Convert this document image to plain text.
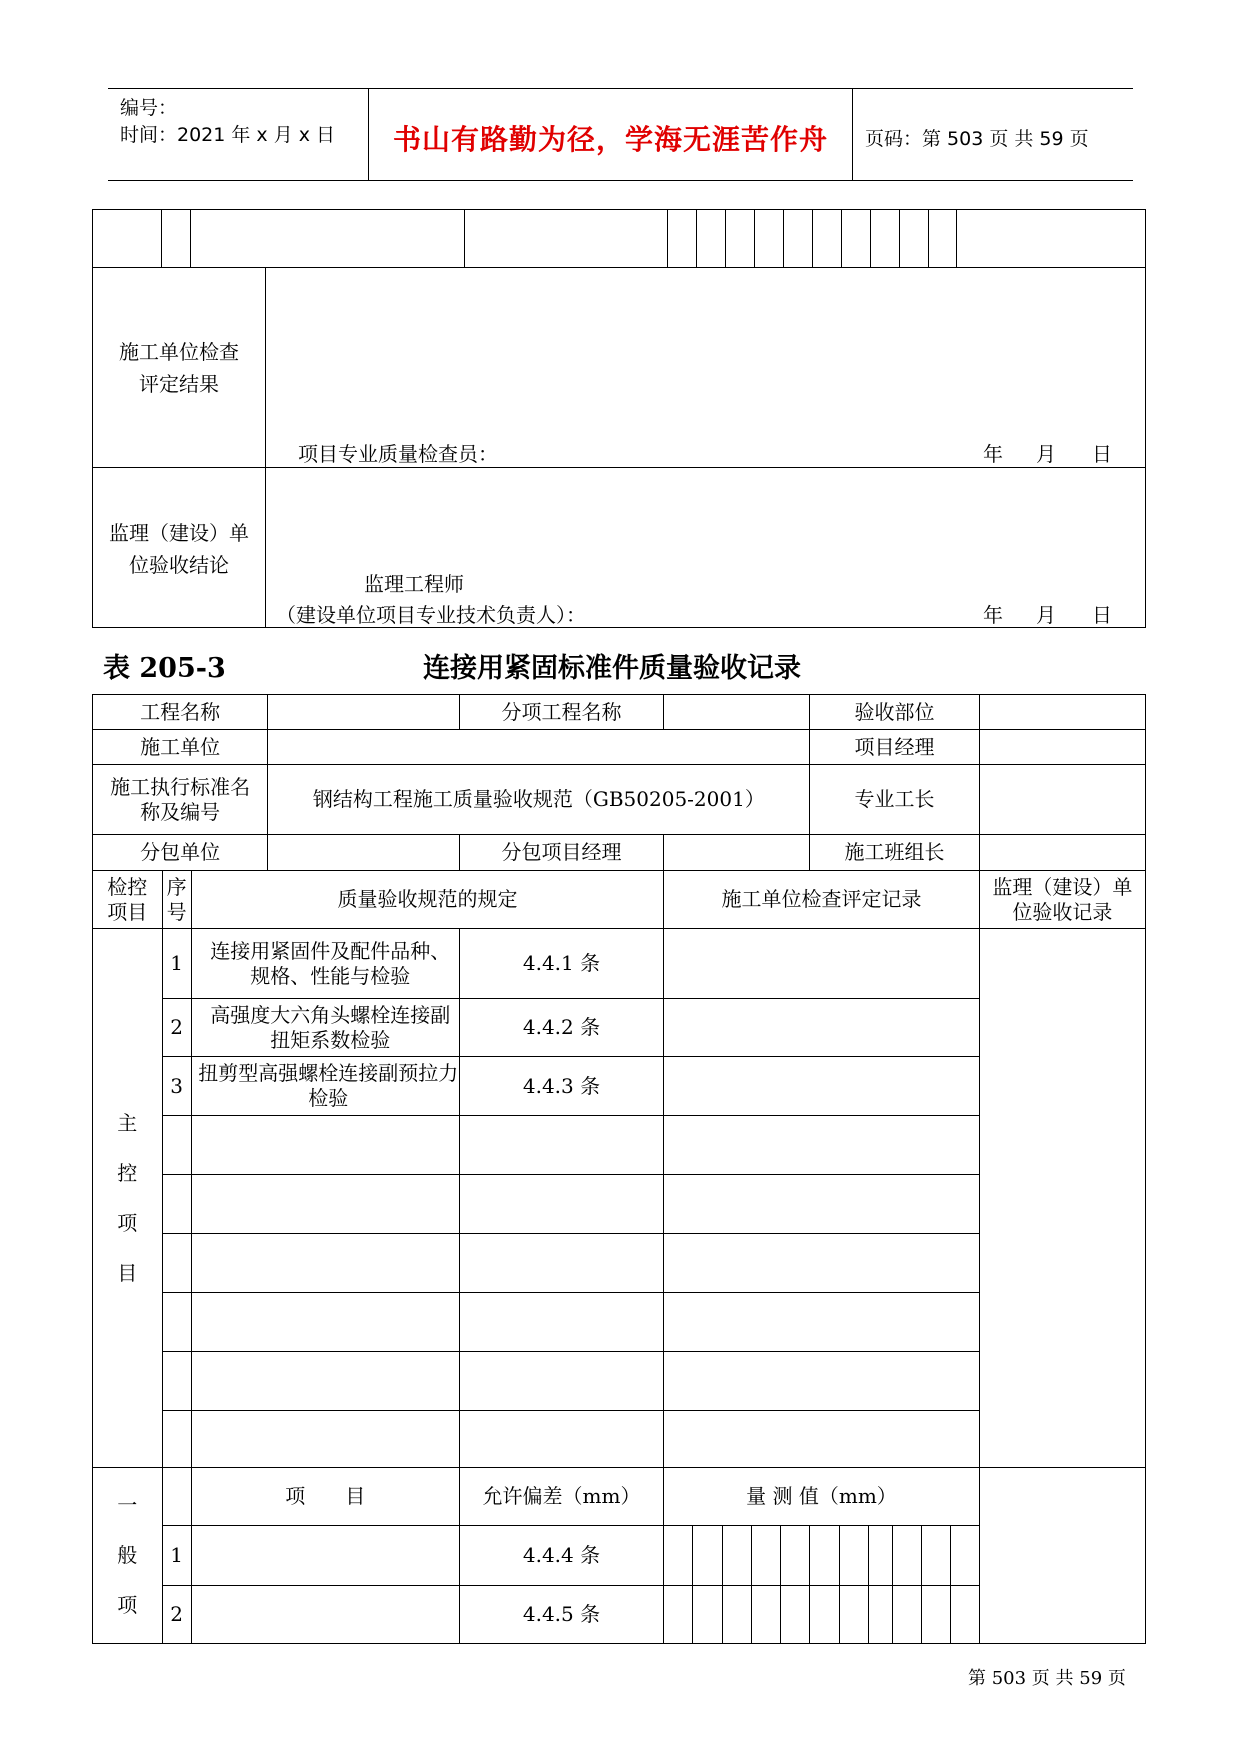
编号：
时间：2021 年 x 月 x 日 书山有路勤为径，学海无涯苦作舟 页码：第 503 页 共 59 页
施工单位检查评定结果
项目专业质量检查员：	年 月 日
监理（建设）单位验收结论
监理工程师
（建设单位项目专业技术负责人）：	年 月 日
表 205-3	连接用紧固标准件质量验收记录
工程名称				分项工程名称						验收部位						
施工单位										项目经理						
施工执行标准名称及编号			钢结构工程施工质量验收规范（GB50205-2001）							专业工长						
分包单位				分包项目经理						施工班组长						
检控项目	序号	质量验收规范的规定			施工单位检查评定记录											监理（建设）单位验收记录

主
控
项
目	1	连接用紧固件及配件品种、规格、性能与检验		4.4.1 条												
	2	高强度大六角头螺栓连接副扭矩系数检验		4.4.2 条												
	3	扭剪型高强螺栓连接副预拉力检验		4.4.3 条												

一
般
项		项　　目		允许偏差（mm）	量 测 值（mm）											
	1			4.4.4 条												
	2			4.4.5 条												
第 503 页 共 59 页
